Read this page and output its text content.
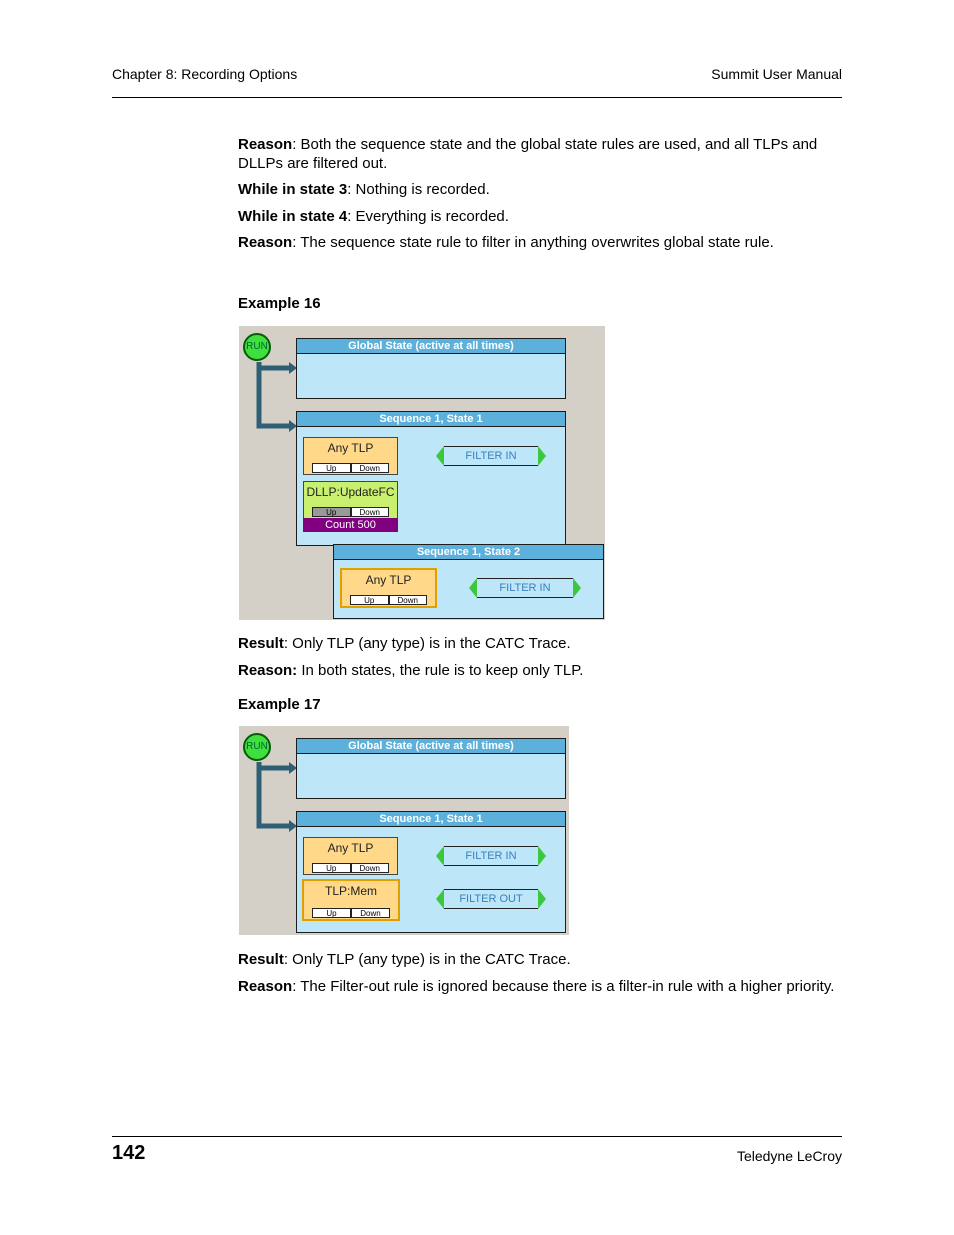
Chapter 8: Recording Options	Summit User Manual
Reason: Both the sequence state and the global state rules are used, and all TLPs and DLLPs are filtered out.
While in state 3: Nothing is recorded.
While in state 4: Everything is recorded.
Reason: The sequence state rule to filter in anything overwrites global state rule.
Example 16
RUN	Global State (active at all times)
Sequence 1, State 1
Any TLP
Up	Down
FILTER IN
DLLP:UpdateFC
Up	Down
Count 500
Sequence 1, State 2
Any TLP
Up	Down
FILTER IN
Result: Only TLP (any type) is in the CATC Trace.
Reason: In both states, the rule is to keep only TLP.
Example 17
RUN	Global State (active at all times)
Sequence 1, State 1
Any TLP
Up	Down
FILTER IN
TLP:Mem
Up	Down
FILTER OUT
Result: Only TLP (any type) is in the CATC Trace.
Reason: The Filter-out rule is ignored because there is a filter-in rule with a higher priority.
142	Teledyne LeCroy
